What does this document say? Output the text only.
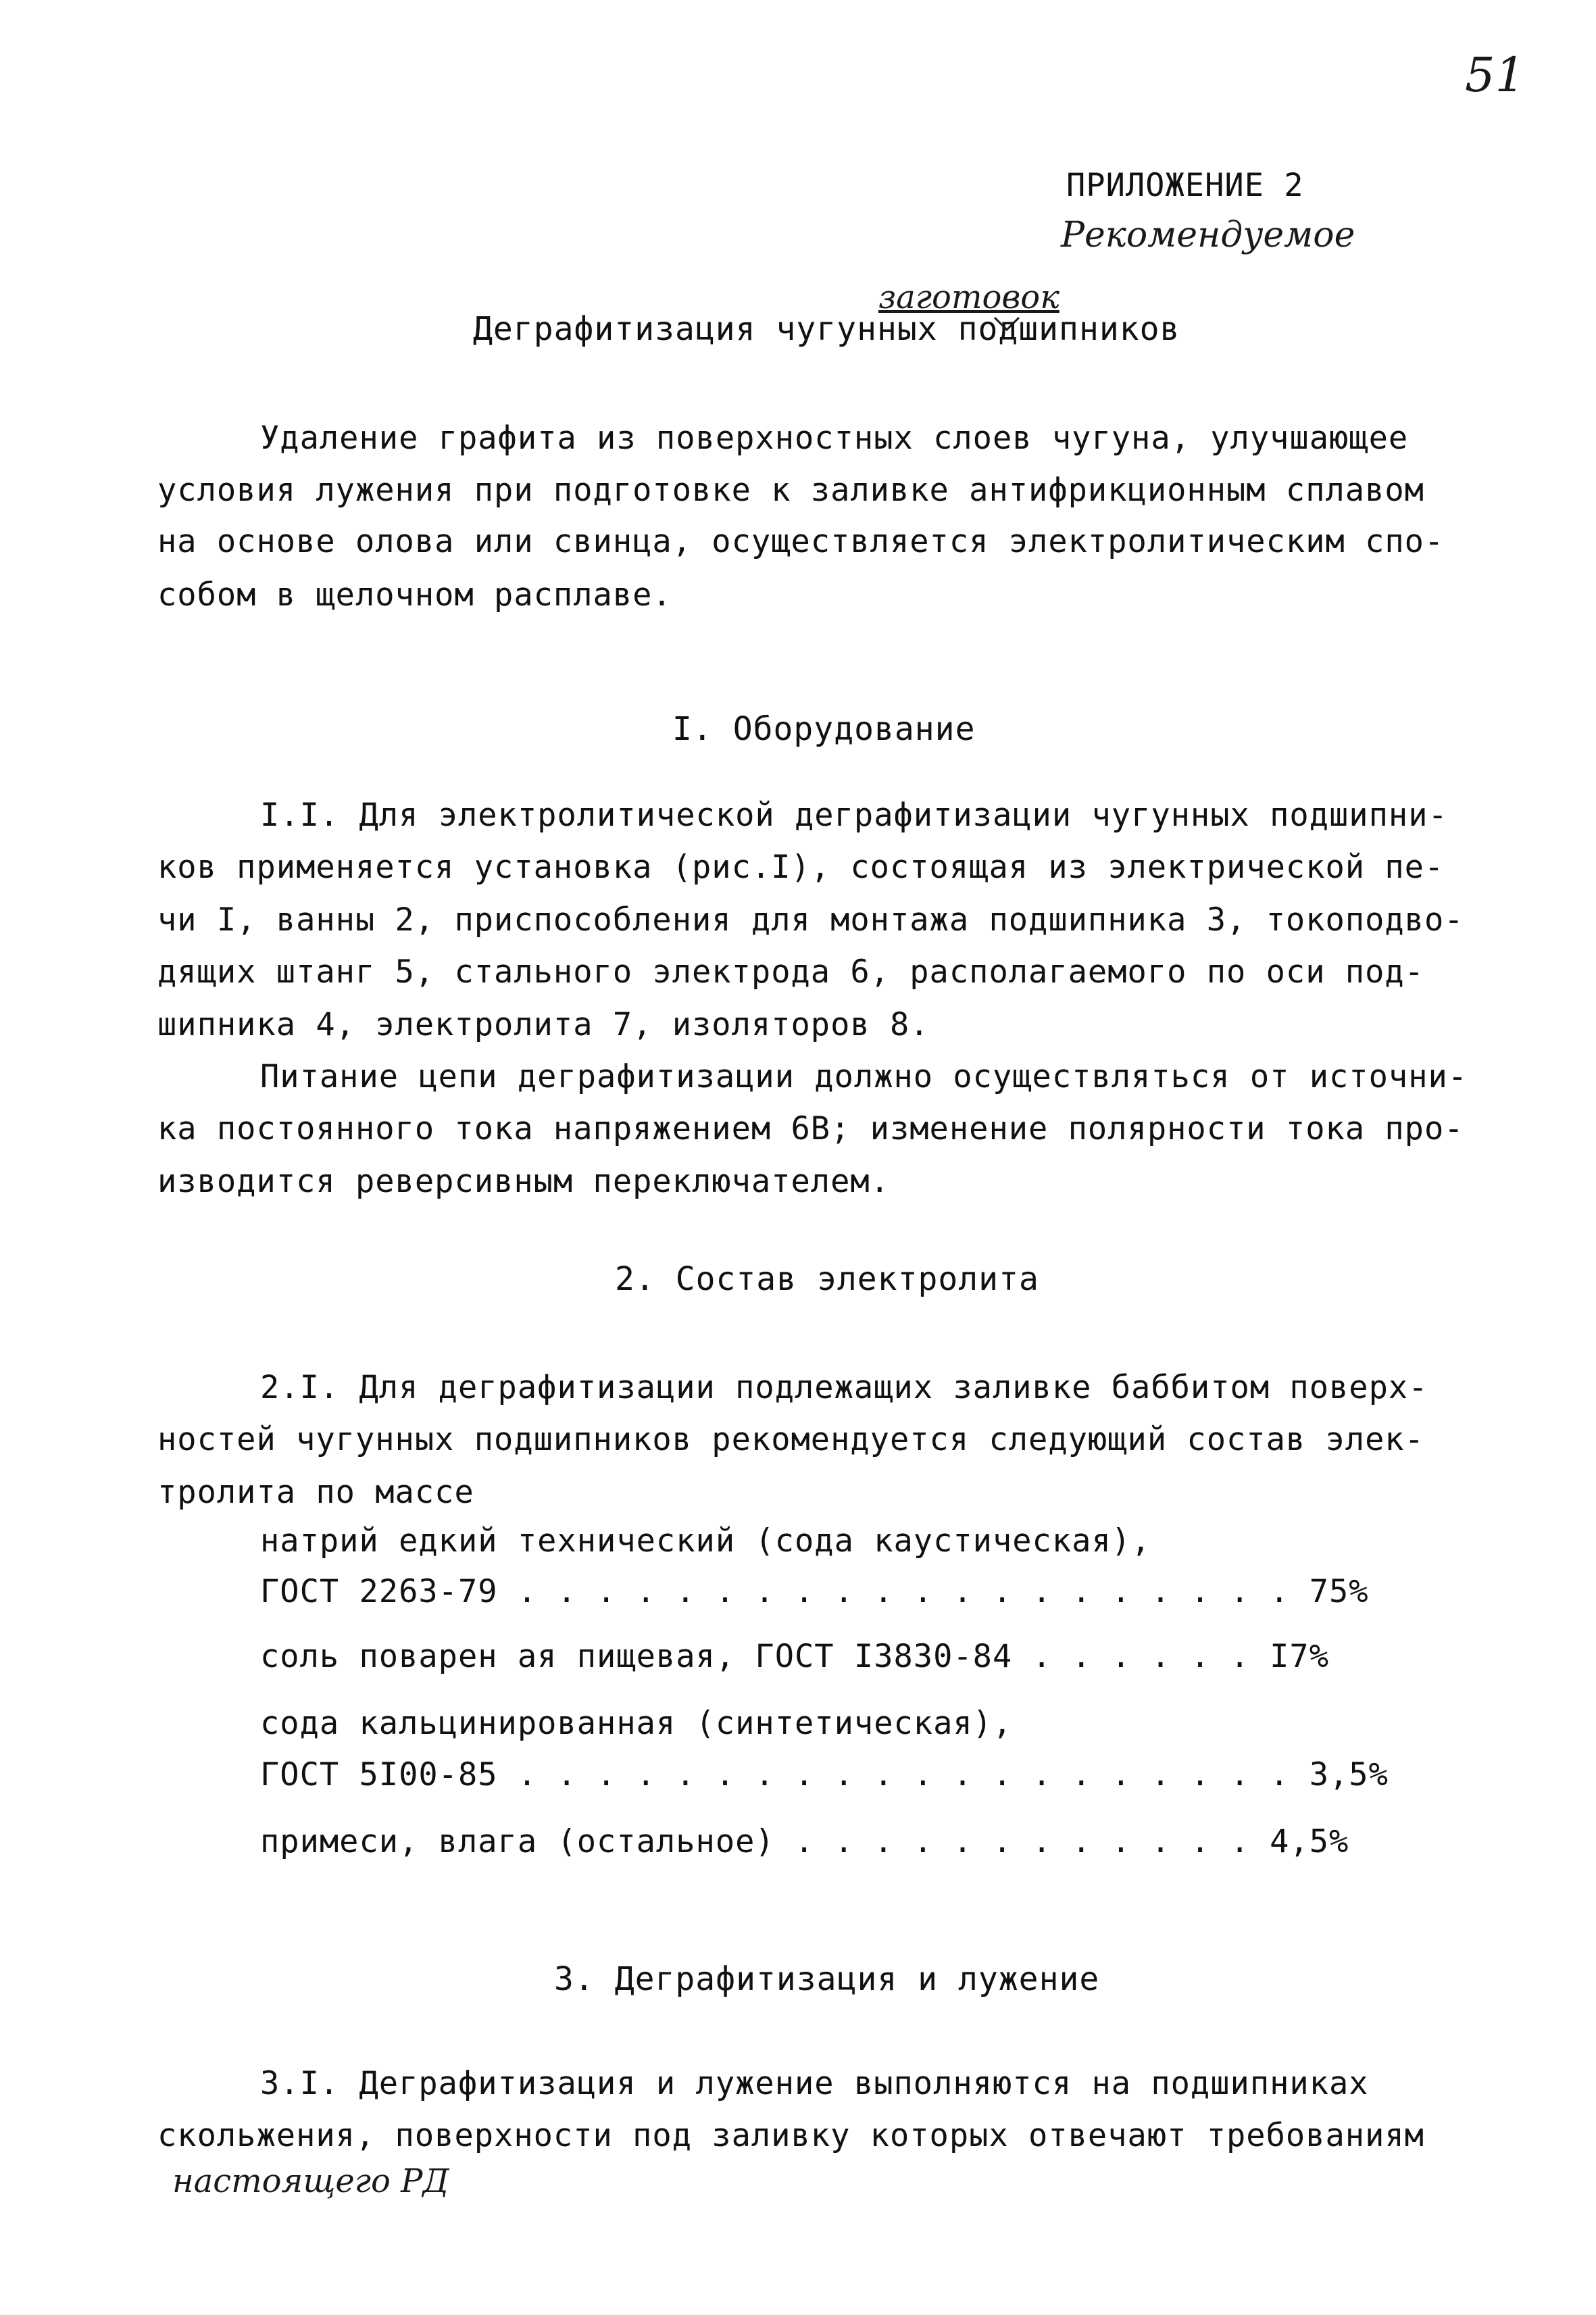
51
ПРИЛОЖЕНИЕ 2
Рекомендуемое
заготовок
Деграфитизация чугунных подшипников
Удаление графита из поверхностных слоев чугуна, улучшающее
условия лужения при подготовке к заливке антифрикционным сплавом
на основе олова или свинца, осуществляется электролитическим спо-
собом в щелочном расплаве.
I. Оборудование
I.I. Для электролитической деграфитизации чугунных подшипни-
ков применяется установка (рис.I), состоящая из электрической пе-
чи I, ванны 2, приспособления для монтажа подшипника 3, токоподво-
дящих штанг 5, стального электрода 6, располагаемого по оси под-
шипника 4, электролита 7, изоляторов 8.
Питание цепи деграфитизации должно осуществляться от источни-
ка постоянного тока напряжением 6В; изменение полярности тока про-
изводится реверсивным переключателем.
2. Состав электролита
2.I. Для деграфитизации подлежащих заливке баббитом поверх-
ностей чугунных подшипников рекомендуется следующий состав элек-
тролита по массе
натрий едкий технический (сода каустическая),
ГОСТ 2263-79 . . . . . . . . . . . . . . . . . . . . 75%
соль поварен ая пищевая, ГОСТ I3830-84 . . . . . . I7%
сода кальцинированная (синтетическая),
ГОСТ 5I00-85 . . . . . . . . . . . . . . . . . . . . 3,5%
примеси, влага (остальное) . . . . . . . . . . . . 4,5%
3. Деграфитизация и лужение
3.I. Деграфитизация и лужение выполняются на подшипниках
скольжения, поверхности под заливку которых отвечают требованиям
настоящего РД
